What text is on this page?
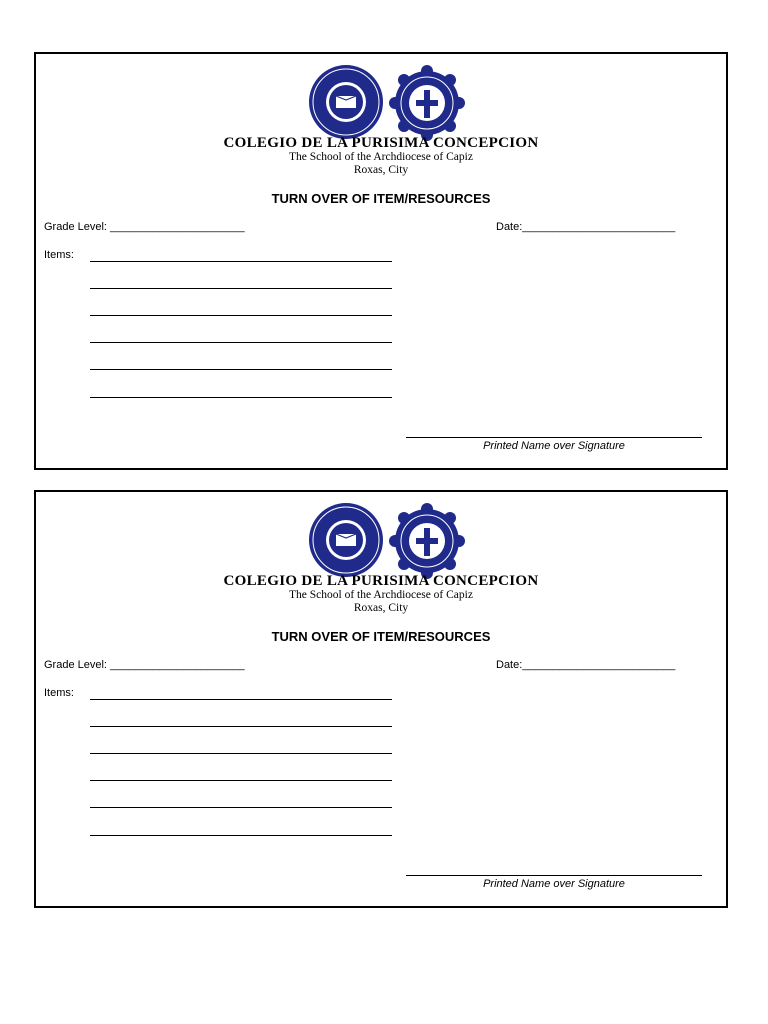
COLEGIO DE LA PURISIMA CONCEPCION
The School of the Archdiocese of Capiz
Roxas, City
TURN OVER OF ITEM/RESOURCES
Grade Level: ______________________	Date:_________________________
Items:
Printed Name over Signature
COLEGIO DE LA PURISIMA CONCEPCION
The School of the Archdiocese of Capiz
Roxas, City
TURN OVER OF ITEM/RESOURCES
Grade Level: ______________________	Date:_________________________
Items:
Printed Name over Signature
